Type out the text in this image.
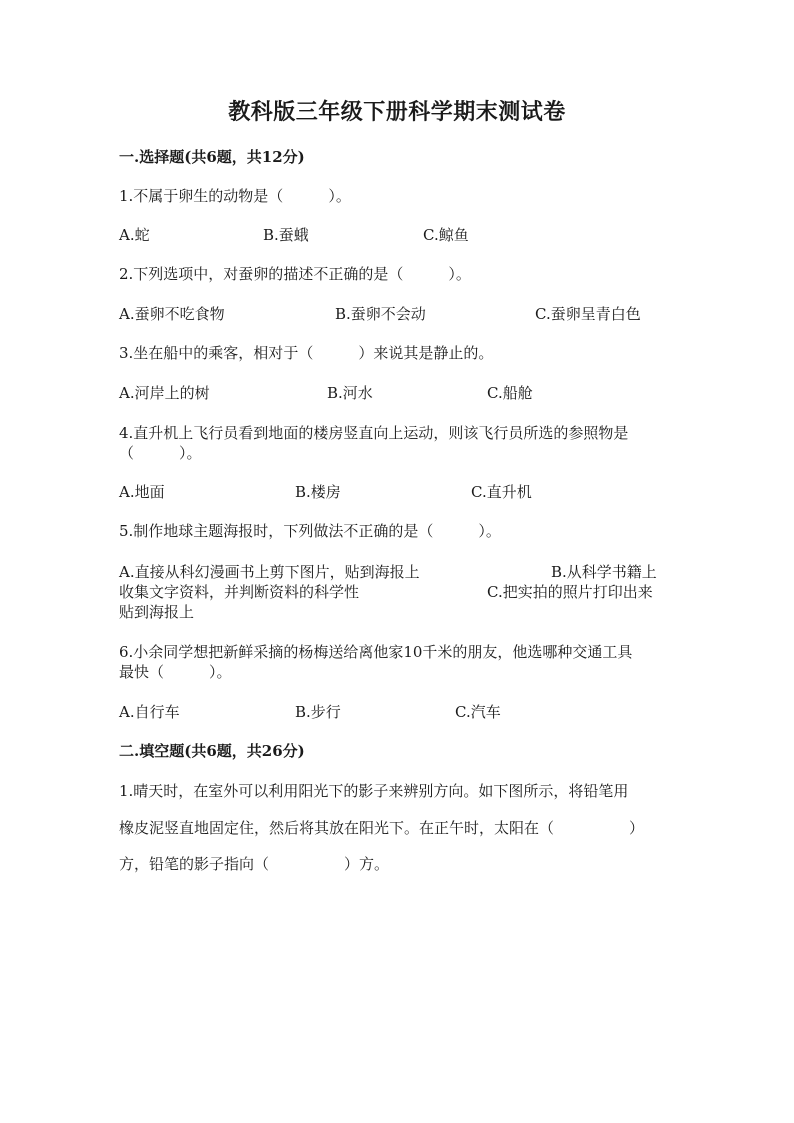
教科版三年级下册科学期末测试卷
一.选择题(共6题，共12分)
1.不属于卵生的动物是（　　　）。
A.蛇	B.蚕蛾	C.鲸鱼
2.下列选项中，对蚕卵的描述不正确的是（　　　）。
A.蚕卵不吃食物	B.蚕卵不会动	C.蚕卵呈青白色
3.坐在船中的乘客，相对于（　　　）来说其是静止的。
A.河岸上的树	B.河水	C.船舱
4.直升机上飞行员看到地面的楼房竖直向上运动，则该飞行员所选的参照物是
（　　　）。
A.地面	B.楼房	C.直升机
5.制作地球主题海报时，下列做法不正确的是（　　　）。
A.直接从科幻漫画书上剪下图片，贴到海报上	B.从科学书籍上
收集文字资料，并判断资料的科学性	C.把实拍的照片打印出来
贴到海报上
6.小余同学想把新鲜采摘的杨梅送给离他家10千米的朋友，他选哪种交通工具
最快（　　　）。
A.自行车	B.步行	C.汽车
二.填空题(共6题，共26分)
1.晴天时，在室外可以利用阳光下的影子来辨别方向。如下图所示，将铅笔用
橡皮泥竖直地固定住，然后将其放在阳光下。在正午时，太阳在（　　　　　）
方，铅笔的影子指向（　　　　　）方。
